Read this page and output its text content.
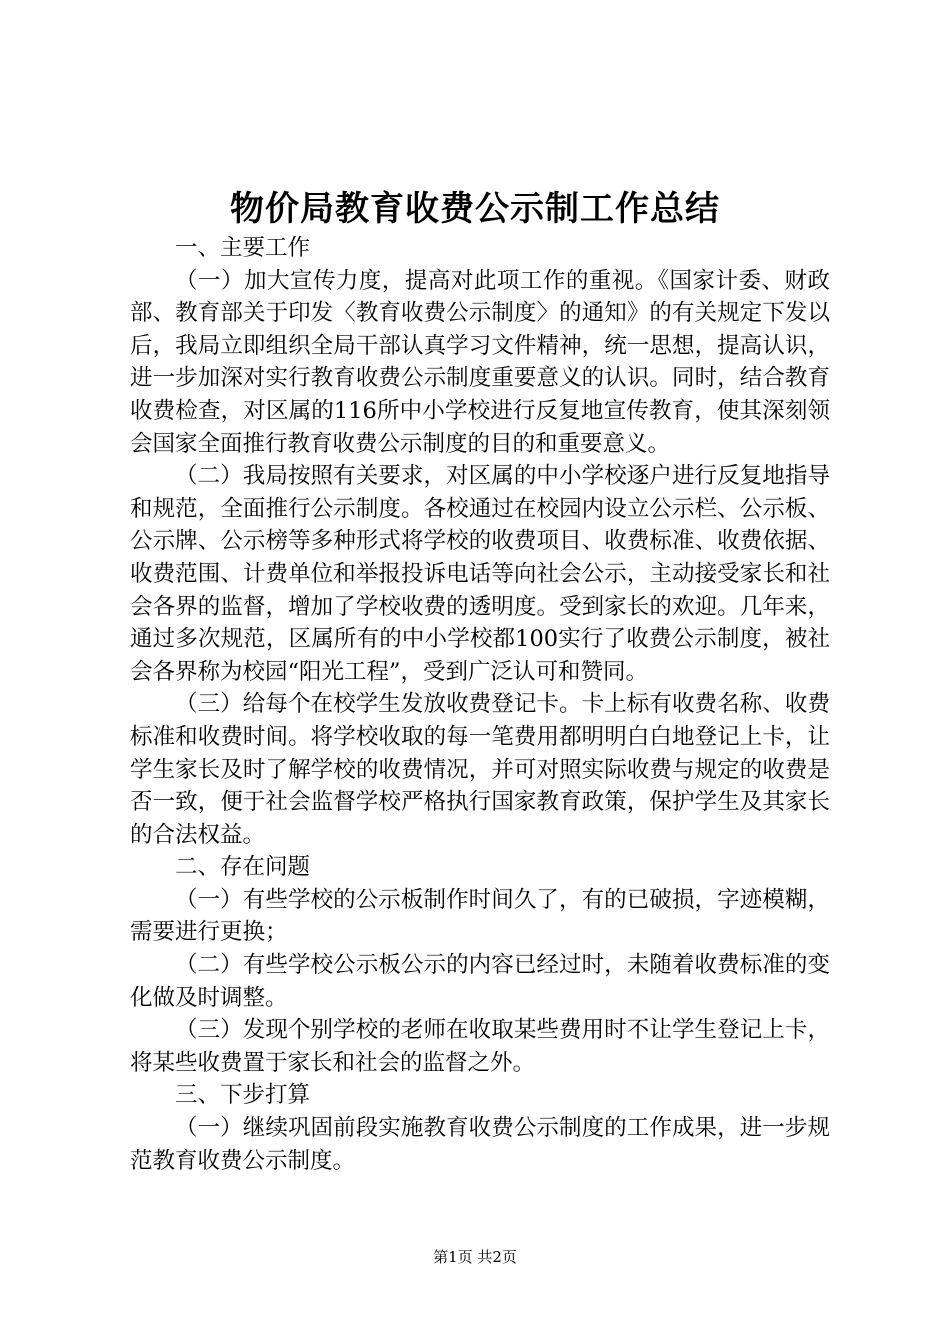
物价局教育收费公示制工作总结

一、主要工作

（一）加大宣传力度，提高对此项工作的重视。《国家计委、财政部、教育部关于印发〈教育收费公示制度〉的通知》的有关规定下发以后，我局立即组织全局干部认真学习文件精神，统一思想，提高认识，进一步加深对实行教育收费公示制度重要意义的认识。同时，结合教育收费检查，对区属的116所中小学校进行反复地宣传教育，使其深刻领会国家全面推行教育收费公示制度的目的和重要意义。

（二）我局按照有关要求，对区属的中小学校逐户进行反复地指导和规范，全面推行公示制度。各校通过在校园内设立公示栏、公示板、公示牌、公示榜等多种形式将学校的收费项目、收费标准、收费依据、收费范围、计费单位和举报投诉电话等向社会公示，主动接受家长和社会各界的监督，增加了学校收费的透明度。受到家长的欢迎。几年来，通过多次规范，区属所有的中小学校都100实行了收费公示制度，被社会各界称为校园“阳光工程”，受到广泛认可和赞同。

（三）给每个在校学生发放收费登记卡。卡上标有收费名称、收费标准和收费时间。将学校收取的每一笔费用都明明白白地登记上卡，让学生家长及时了解学校的收费情况，并可对照实际收费与规定的收费是否一致，便于社会监督学校严格执行国家教育政策，保护学生及其家长的合法权益。

二、存在问题

（一）有些学校的公示板制作时间久了，有的已破损，字迹模糊，需要进行更换；

（二）有些学校公示板公示的内容已经过时，未随着收费标准的变化做及时调整。

（三）发现个别学校的老师在收取某些费用时不让学生登记上卡，将某些收费置于家长和社会的监督之外。

三、下步打算

（一）继续巩固前段实施教育收费公示制度的工作成果，进一步规范教育收费公示制度。

第1页 共2页
